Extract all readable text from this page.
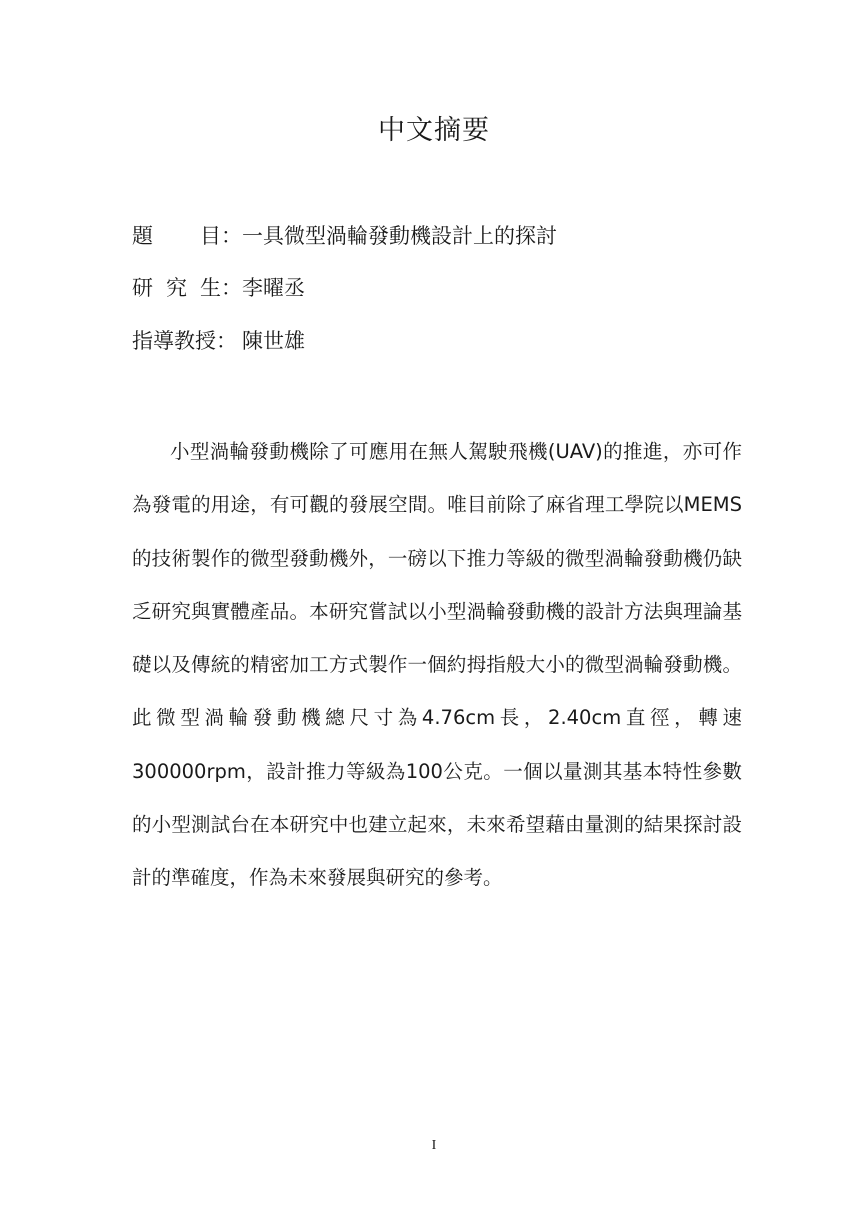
中文摘要
題 目： 一具微型渦輪發動機設計上的探討
研 究 生： 李曜丞
指導教授： 陳世雄

小型渦輪發動機除了可應用在無人駕駛飛機(UAV)的推進，亦可作為發電的用途，有可觀的發展空間。唯目前除了麻省理工學院以MEMS的技術製作的微型發動機外，一磅以下推力等級的微型渦輪發動機仍缺乏研究與實體產品。本研究嘗試以小型渦輪發動機的設計方法與理論基礎以及傳統的精密加工方式製作一個約拇指般大小的微型渦輪發動機。此微型渦輪發動機總尺寸為4.76cm長，2.40cm直徑，轉速300000rpm，設計推力等級為100公克。一個以量測其基本特性參數的小型測試台在本研究中也建立起來，未來希望藉由量測的結果探討設計的準確度，作為未來發展與研究的參考。

I
